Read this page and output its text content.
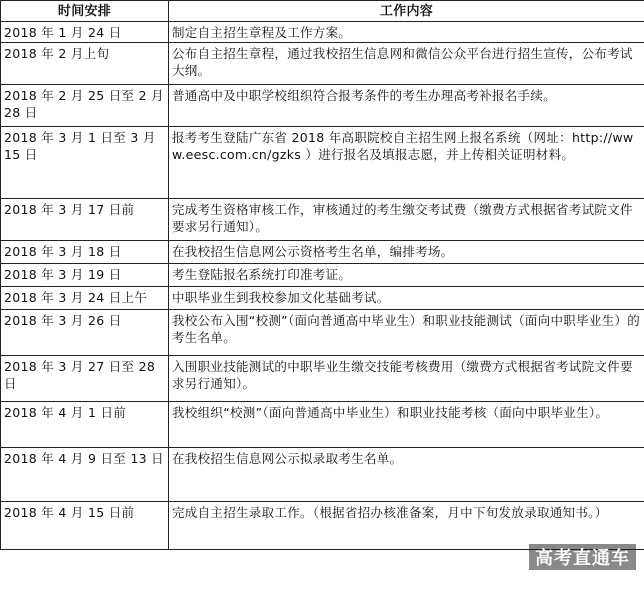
时间安排	工作内容
2018 年 1 月 24 日	制定自主招生章程及工作方案。
2018 年 2 月上旬	公布自主招生章程，通过我校招生信息网和微信公众平台进行招生宣传，公布考试大纲。
2018 年 2 月 25 日至 2 月 28 日	普通高中及中职学校组织符合报考条件的考生办理高考补报名手续。
2018 年 3 月 1 日至 3 月 15 日	报考考生登陆广东省 2018 年高职院校自主招生网上报名系统（网址：http://www.eesc.com.cn/gzks ）进行报名及填报志愿，并上传相关证明材料。
2018 年 3 月 17 日前	完成考生资格审核工作，审核通过的考生缴交考试费（缴费方式根据省考试院文件要求另行通知）。
2018 年 3 月 18 日	在我校招生信息网公示资格考生名单，编排考场。
2018 年 3 月 19 日	考生登陆报名系统打印准考证。
2018 年 3 月 24 日上午	中职毕业生到我校参加文化基础考试。
2018 年 3 月 26 日	我校公布入围“校测”（面向普通高中毕业生）和职业技能测试（面向中职毕业生）的考生名单。
2018 年 3 月 27 日至 28 日	入围职业技能测试的中职毕业生缴交技能考核费用（缴费方式根据省考试院文件要求另行通知）。
2018 年 4 月 1 日前	我校组织“校测”（面向普通高中毕业生）和职业技能考核（面向中职毕业生）。
2018 年 4 月 9 日至 13 日	在我校招生信息网公示拟录取考生名单。
2018 年 4 月 15 日前	完成自主招生录取工作。（根据省招办核准备案，月中下旬发放录取通知书。）
高考直通车
